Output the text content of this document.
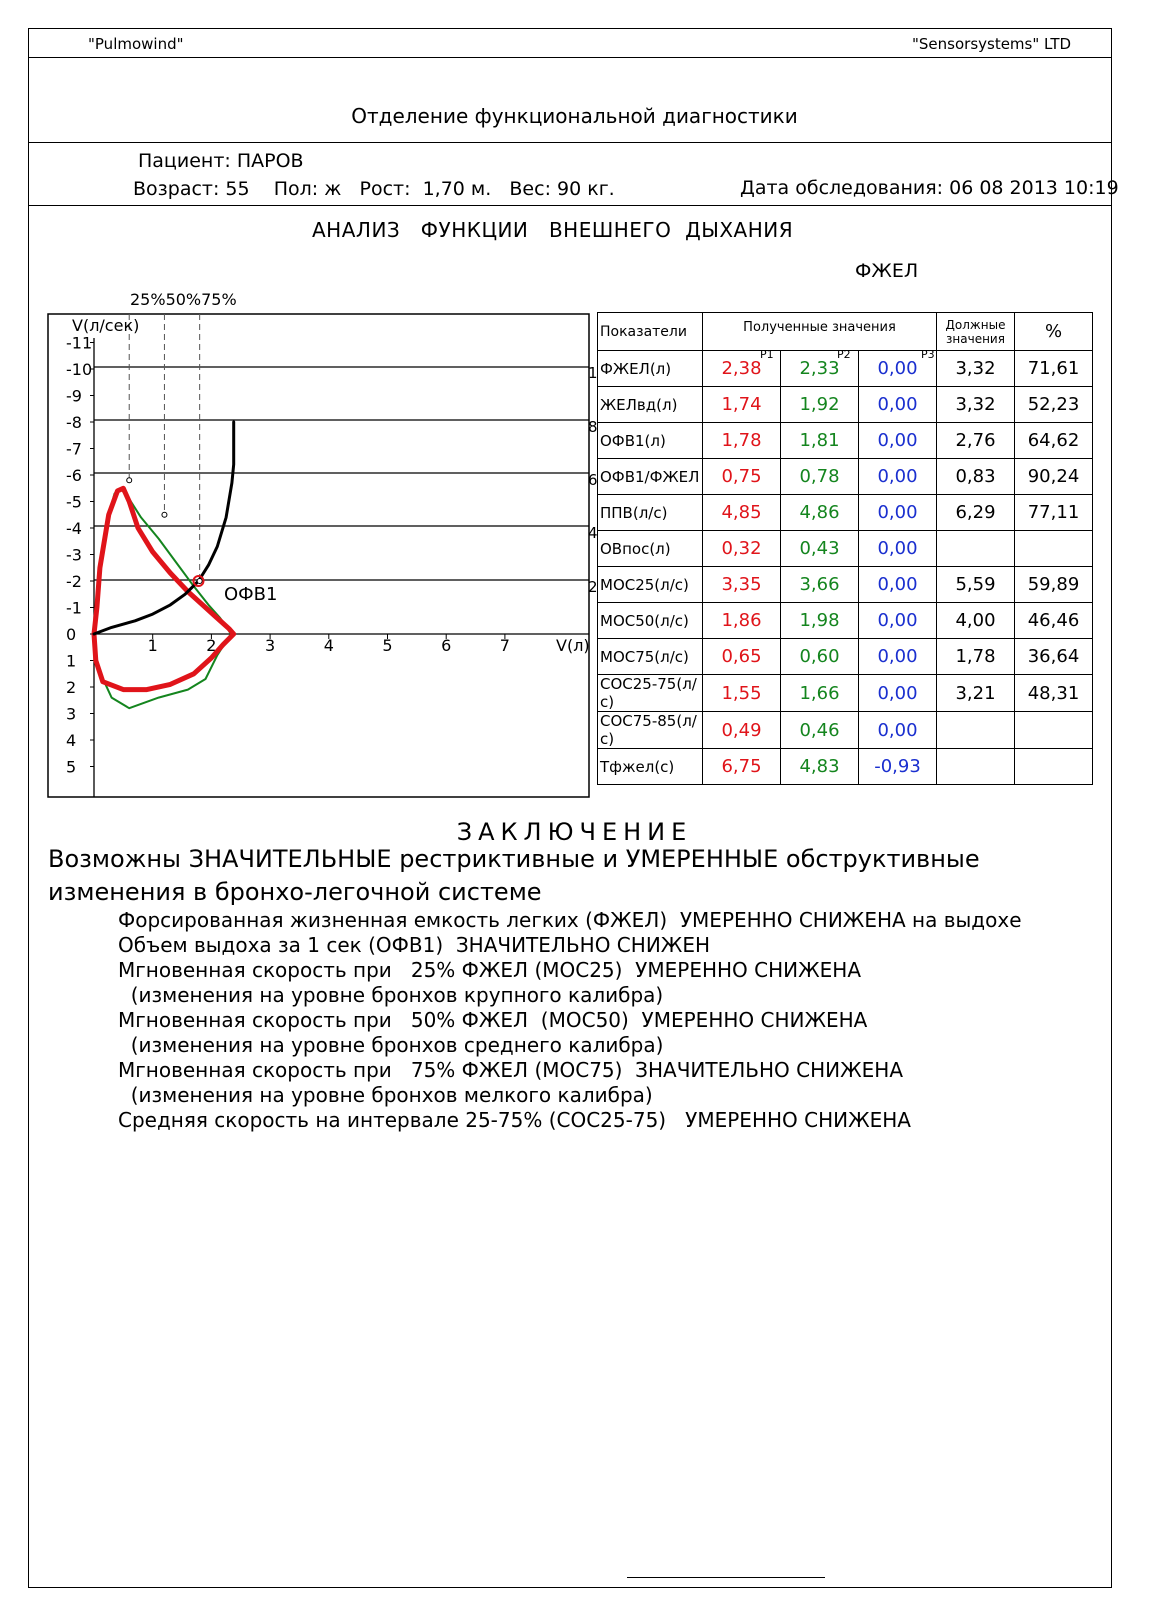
"Pulmowind"	"Sensorsystems" LTD
Отделение функциональной диагностики
Пациент: ПАРОВ
Возраст: 55    Пол: ж   Рост:  1,70 м.   Вес: 90 кг.	Дата обследования: 06 08 2013 10:19
АНАЛИЗ   ФУНКЦИИ   ВНЕШНЕГО  ДЫХАНИЯ
ФЖЕЛ
25%50%75%
-11
-10
-9
-8
-7
-6
-5
-4
-3
-2
-1
0
1
2
3
4
5
1	2	3	4	5	6	7
1
8
6
4
2
V(л/сек)
V(л)
ОФВ1
Показатели	Полученные значения
Р1 Р2 Р3			Должные значения	%
ФЖЕЛ(л)	2,38	2,33	0,00	3,32	71,61
ЖЕЛвд(л)	1,74	1,92	0,00	3,32	52,23
ОФВ1(л)	1,78	1,81	0,00	2,76	64,62
ОФВ1/ФЖЕЛ	0,75	0,78	0,00	0,83	90,24
ППВ(л/с)	4,85	4,86	0,00	6,29	77,11
ОВпос(л)	0,32	0,43	0,00		
МОС25(л/с)	3,35	3,66	0,00	5,59	59,89
МОС50(л/с)	1,86	1,98	0,00	4,00	46,46
МОС75(л/с)	0,65	0,60	0,00	1,78	36,64
СОС25-75(л/с)	1,55	1,66	0,00	3,21	48,31
СОС75-85(л/с)	0,49	0,46	0,00		
Тфжел(с)	6,75	4,83	-0,93		
ЗАКЛЮЧЕНИЕ
Возможны ЗНАЧИТЕЛЬНЫЕ рестриктивные и УМЕРЕННЫЕ обструктивные изменения в бронхо-легочной системе
Форсированная жизненная емкость легких (ФЖЕЛ)  УМЕРЕННО СНИЖЕНА на выдохе
Объем выдоха за 1 сек (ОФВ1)  ЗНАЧИТЕЛЬНО СНИЖЕН
Мгновенная скорость при   25% ФЖЕЛ (МОС25)  УМЕРЕННО СНИЖЕНА
(изменения на уровне бронхов крупного калибра)
Мгновенная скорость при   50% ФЖЕЛ  (МОС50)  УМЕРЕННО СНИЖЕНА
(изменения на уровне бронхов среднего калибра)
Мгновенная скорость при   75% ФЖЕЛ (МОС75)  ЗНАЧИТЕЛЬНО СНИЖЕНА
(изменения на уровне бронхов мелкого калибра)
Средняя скорость на интервале 25-75% (СОС25-75)   УМЕРЕННО СНИЖЕНА
